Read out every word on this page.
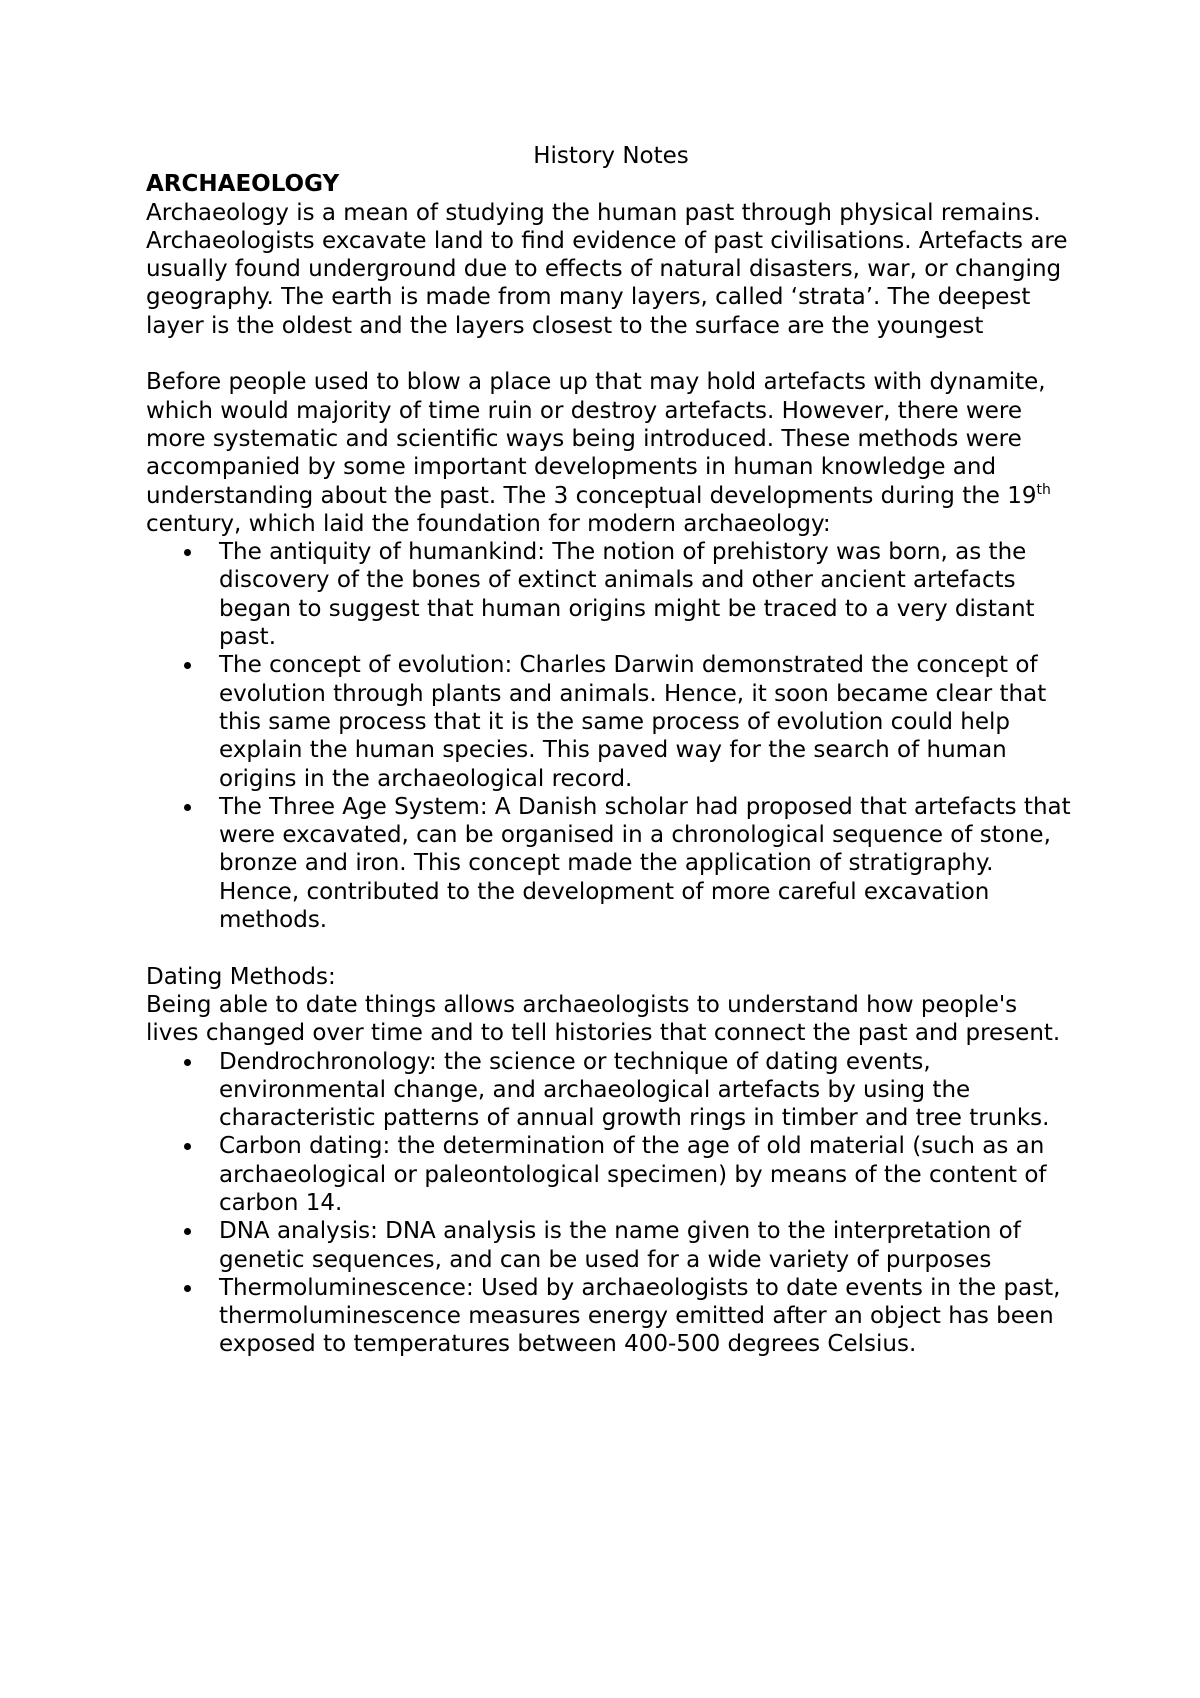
History Notes
ARCHAEOLOGY

Archaeology is a mean of studying the human past through physical remains. Archaeologists excavate land to find evidence of past civilisations. Artefacts are usually found underground due to effects of natural disasters, war, or changing geography. The earth is made from many layers, called ‘strata’. The deepest layer is the oldest and the layers closest to the surface are the youngest

Before people used to blow a place up that may hold artefacts with dynamite, which would majority of time ruin or destroy artefacts. However, there were more systematic and scientific ways being introduced. These methods were accompanied by some important developments in human knowledge and understanding about the past. The 3 conceptual developments during the 19th century, which laid the foundation for modern archaeology:

The antiquity of humankind: The notion of prehistory was born, as the discovery of the bones of extinct animals and other ancient artefacts began to suggest that human origins might be traced to a very distant past.
The concept of evolution: Charles Darwin demonstrated the concept of evolution through plants and animals. Hence, it soon became clear that this same process that it is the same process of evolution could help explain the human species. This paved way for the search of human origins in the archaeological record.
The Three Age System: A Danish scholar had proposed that artefacts that were excavated, can be organised in a chronological sequence of stone, bronze and iron. This concept made the application of stratigraphy. Hence, contributed to the development of more careful excavation methods.

Dating Methods:

Being able to date things allows archaeologists to understand how people's lives changed over time and to tell histories that connect the past and present.

Dendrochronology: the science or technique of dating events, environmental change, and archaeological artefacts by using the characteristic patterns of annual growth rings in timber and tree trunks.
Carbon dating: the determination of the age of old material (such as an archaeological or paleontological specimen) by means of the content of carbon 14.
DNA analysis: DNA analysis is the name given to the interpretation of genetic sequences, and can be used for a wide variety of purposes
Thermoluminescence: Used by archaeologists to date events in the past, thermoluminescence measures energy emitted after an object has been exposed to temperatures between 400-500 degrees Celsius.
